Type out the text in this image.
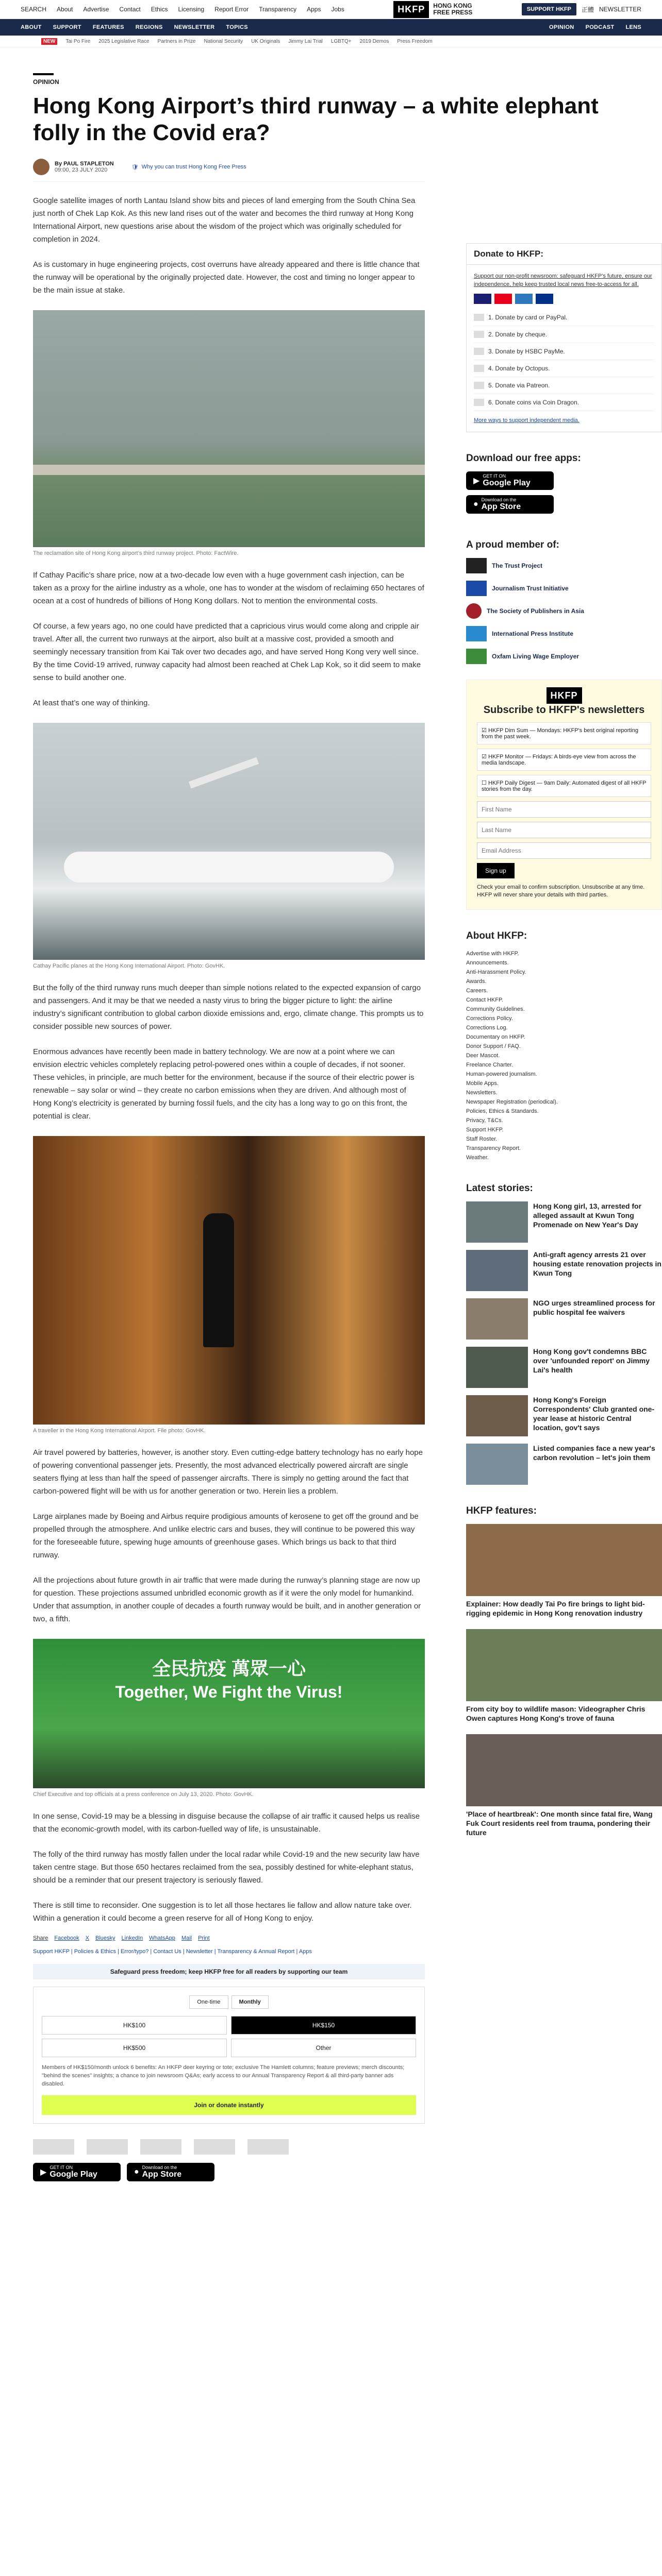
SEARCH About Advertise Contact Ethics Licensing Report Error Transparency Apps Jobs	HKFP	HONG KONG
FREE PRESS	SUPPORT HKFP	正體 NEWSLETTER
ABOUT SUPPORT FEATURES REGIONS NEWSLETTER TOPICS	OPINION PODCAST LENS
NEW	Tai Po Fire 2025 Legislative Race Partners in Prize National Security UK Originals Jimmy Lai Trial LGBTQ+ 2019 Demos Press Freedom
OPINION
Hong Kong Airport’s third runway – a white elephant folly in the Covid era?
By PAUL STAPLETON
09:00, 23 JULY 2020	🛡 Why you can trust Hong Kong Free Press

Google satellite images of north Lantau Island show bits and pieces of land emerging from the South China Sea just north of Chek Lap Kok. As this new land rises out of the water and becomes the third runway at Hong Kong International Airport, new questions arise about the wisdom of the project which was originally scheduled for completion in 2024.

As is customary in huge engineering projects, cost overruns have already appeared and there is little chance that the runway will be operational by the originally projected date. However, the cost and timing no longer appear to be the main issue at stake.

The reclamation site of Hong Kong airport’s third runway project. Photo: FactWire.

If Cathay Pacific’s share price, now at a two-decade low even with a huge government cash injection, can be taken as a proxy for the airline industry as a whole, one has to wonder at the wisdom of reclaiming 650 hectares of ocean at a cost of hundreds of billions of Hong Kong dollars. Not to mention the environmental costs.

Of course, a few years ago, no one could have predicted that a capricious virus would come along and cripple air travel. After all, the current two runways at the airport, also built at a massive cost, provided a smooth and seemingly necessary transition from Kai Tak over two decades ago, and have served Hong Kong very well since. By the time Covid-19 arrived, runway capacity had almost been reached at Chek Lap Kok, so it did seem to make sense to build another one.

At least that’s one way of thinking.

Cathay Pacific planes at the Hong Kong International Airport. Photo: GovHK.

But the folly of the third runway runs much deeper than simple notions related to the expected expansion of cargo and passengers. And it may be that we needed a nasty virus to bring the bigger picture to light: the airline industry’s significant contribution to global carbon dioxide emissions and, ergo, climate change. This prompts us to consider possible new sources of power.

Enormous advances have recently been made in battery technology. We are now at a point where we can envision electric vehicles completely replacing petrol-powered ones within a couple of decades, if not sooner. These vehicles, in principle, are much better for the environment, because if the source of their electric power is renewable – say solar or wind – they create no carbon emissions when they are driven. And although most of Hong Kong’s electricity is generated by burning fossil fuels, and the city has a long way to go on this front, the potential is clear.

A traveller in the Hong Kong International Airport. File photo: GovHK.

Air travel powered by batteries, however, is another story. Even cutting-edge battery technology has no early hope of powering conventional passenger jets. Presently, the most advanced electrically powered aircraft are single seaters flying at less than half the speed of passenger aircrafts. There is simply no getting around the fact that carbon-powered flight will be with us for another generation or two. Herein lies a problem.

Large airplanes made by Boeing and Airbus require prodigious amounts of kerosene to get off the ground and be propelled through the atmosphere. And unlike electric cars and buses, they will continue to be powered this way for the foreseeable future, spewing huge amounts of greenhouse gases. Which brings us back to that third runway.

All the projections about future growth in air traffic that were made during the runway’s planning stage are now up for question. These projections assumed unbridled economic growth as if it were the only model for humankind. Under that assumption, in another couple of decades a fourth runway would be built, and in another generation or two, a fifth.

全民抗疫 萬眾一心
Together, We Fight the Virus!
Chief Executive and top officials at a press conference on July 13, 2020. Photo: GovHK.

In one sense, Covid-19 may be a blessing in disguise because the collapse of air traffic it caused helps us realise that the economic-growth model, with its carbon-fuelled way of life, is unsustainable.

The folly of the third runway has mostly fallen under the local radar while Covid-19 and the new security law have taken centre stage. But those 650 hectares reclaimed from the sea, possibly destined for white-elephant status, should be a reminder that our present trajectory is seriously flawed.

There is still time to reconsider. One suggestion is to let all those hectares lie fallow and allow nature take over. Within a generation it could become a green reserve for all of Hong Kong to enjoy.

Share Facebook X Bluesky LinkedIn WhatsApp Mail Print
Support HKFP | Policies & Ethics | Error/typo? | Contact Us | Newsletter | Transparency & Annual Report | Apps
Safeguard press freedom; keep HKFP free for all readers by supporting our team
One-time	Monthly
HK$100	HK$150
HK$500	Other
Members of HK$150/month unlock 6 benefits: An HKFP deer keyring or tote; exclusive The Hamlett columns; feature previews; merch discounts; "behind the scenes" insights; a chance to join newsroom Q&As; early access to our Annual Transparency Report & all third-party banner ads disabled.
Join or donate instantly
Donate to HKFP:
Support our non-profit newsroom: safeguard HKFP's future, ensure our independence, help keep trusted local news free-to-access for all.
1. Donate by card or PayPal.
2. Donate by cheque.
3. Donate by HSBC PayMe.
4. Donate by Octopus.
5. Donate via Patreon.
6. Donate coins via Coin Dragon.
More ways to support independent media.
Download our free apps:
▶
GET IT ON
Google Play

● Download on the
App Store
A proud member of:
The Trust Project
Journalism Trust Initiative
The Society of Publishers in Asia
International Press Institute
Oxfam Living Wage Employer
HKFP
Subscribe to HKFP's newsletters
☑ HKFP Dim Sum — Mondays: HKFP's best original reporting from the past week.
☑ HKFP Monitor — Fridays: A birds-eye view from across the media landscape.
☐ HKFP Daily Digest — 9am Daily: Automated digest of all HKFP stories from the day.
First Name Last Name Email Address
Sign up
Check your email to confirm subscription. Unsubscribe at any time. HKFP will never share your details with third parties.
About HKFP:
Advertise with HKFP.
Announcements.
Anti-Harassment Policy.
Awards.
Careers.
Contact HKFP.
Community Guidelines.
Corrections Policy.
Corrections Log.
Documentary on HKFP.
Donor Support / FAQ.
Deer Mascot.
Freelance Charter.
Human-powered journalism.
Mobile Apps.
Newsletters.
Newspaper Registration (periodical).
Policies, Ethics & Standards.
Privacy, T&Cs.
Support HKFP.
Staff Roster.
Transparency Report.
Weather.
Latest stories:
Hong Kong girl, 13, arrested for alleged assault at Kwun Tong Promenade on New Year's Day
Anti-graft agency arrests 21 over housing estate renovation projects in Kwun Tong
NGO urges streamlined process for public hospital fee waivers
Hong Kong gov't condemns BBC over 'unfounded report' on Jimmy Lai's health
Hong Kong's Foreign Correspondents' Club granted one-year lease at historic Central location, gov't says
Listed companies face a new year's carbon revolution – let's join them
HKFP features:
Explainer: How deadly Tai Po fire brings to light bid-rigging epidemic in Hong Kong renovation industry
From city boy to wildlife mason: Videographer Chris Owen captures Hong Kong's trove of fauna
'Place of heartbreak': One month since fatal fire, Wang Fuk Court residents reel from trauma, pondering their future
▶
GET IT ON
Google Play	● Download on the
App Store
